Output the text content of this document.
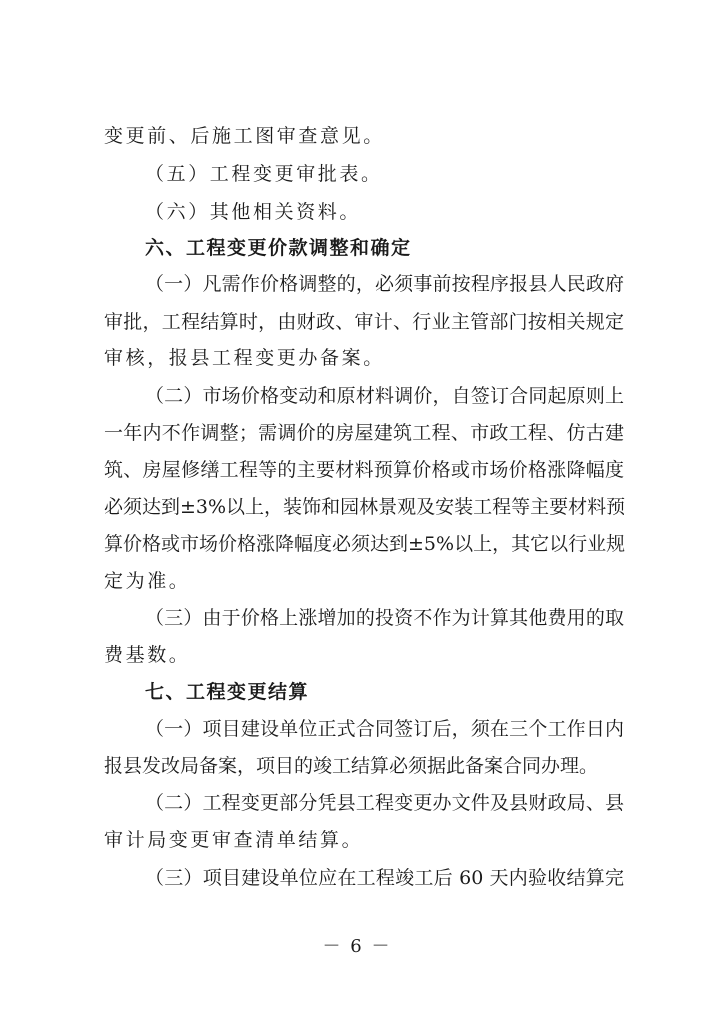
变更前、后施工图审查意见。
（五）工程变更审批表。
（六）其他相关资料。
六、工程变更价款调整和确定
（一）凡需作价格调整的，必须事前按程序报县人民政府
审批，工程结算时，由财政、审计、行业主管部门按相关规定
审核，报县工程变更办备案。
（二）市场价格变动和原材料调价，自签订合同起原则上
一年内不作调整；需调价的房屋建筑工程、市政工程、仿古建
筑、房屋修缮工程等的主要材料预算价格或市场价格涨降幅度
必须达到±3%以上，装饰和园林景观及安装工程等主要材料预
算价格或市场价格涨降幅度必须达到±5%以上，其它以行业规
定为准。
（三）由于价格上涨增加的投资不作为计算其他费用的取
费基数。
七、工程变更结算
（一）项目建设单位正式合同签订后，须在三个工作日内
报县发改局备案，项目的竣工结算必须据此备案合同办理。
（二）工程变更部分凭县工程变更办文件及县财政局、县
审计局变更审查清单结算。
（三）项目建设单位应在工程竣工后 60 天内验收结算完
－ 6 －
